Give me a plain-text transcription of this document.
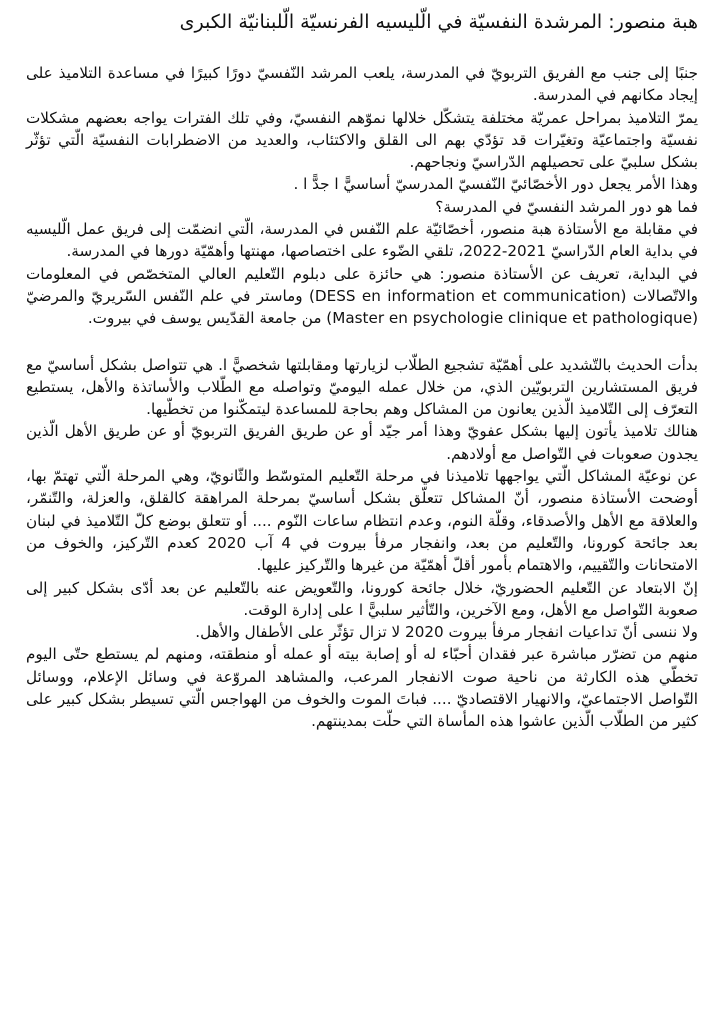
هبة منصور: المرشدة النفسيّة في الّليسيه الفرنسيّة الّلبنانيّة الكبرى

جنبًا إلى جنب مع الفريق التربويّ في المدرسة، يلعب المرشد النّفسيّ دورًا كبيرًا في مساعدة التلاميذ على إيجاد مكانهم في المدرسة.

يمرّ التلاميذ بمراحل عمريّة مختلفة يتشكّل خلالها نموّهم النفسيّ، وفي تلك الفترات يواجه بعضهم مشكلات نفسيّة واجتماعيّة وتغيّرات قد تؤدّي بهم الى القلق والاكتئاب، والعديد من الاضطرابات النفسيّة الّتي تؤثّر بشكل سلبيّ على تحصيلهم الدّراسيّ ونجاحهم.

وهذا الأمر يجعل دور الأخصّائيّ النّفسيّ المدرسيّ أساسيًّ ا جدًّ ا .

فما هو دور المرشد النفسيّ في المدرسة؟

في مقابلة مع الأستاذة هبة منصور، أخصّائيّة علم النّفس في المدرسة، الّتي انضمّت إلى فريق عمل الّليسيه في بداية العام الدّراسيّ 2021-2022، تلقي الضّوء على اختصاصها، مهنتها وأهمّيّة دورها في المدرسة.

في البداية، تعريف عن الأستاذة منصور: هي حائزة على دبلوم التّعليم العالي المتخصّص في المعلومات والاتّصالات (DESS en information et communication) وماستر في علم النّفس السّريريّ والمرضيّ (Master en psychologie clinique et pathologique) من جامعة القدّيس يوسف في بيروت.

بدأت الحديث بالتّشديد على أهمّيّة تشجيع الطلّاب لزيارتها ومقابلتها شخصيًّ ا. هي تتواصل بشكل أساسيّ مع فريق المستشارين التربويّين الذي، من خلال عمله اليوميّ وتواصله مع الطّلاب والأساتذة والأهل، يستطيع التعرّف إلى التّلاميذ الّذين يعانون من المشاكل وهم بحاجة للمساعدة ليتمكّنوا من تخطّيها.

هنالك تلاميذ يأتون إليها بشكل عفويّ وهذا أمر جيّد أو عن طريق الفريق التربويّ أو عن طريق الأهل الّذين يجدون صعوبات في التّواصل مع أولادهم.

عن نوعيّة المشاكل الّتي يواجهها تلاميذنا في مرحلة التّعليم المتوسّط والثّانويّ، وهي المرحلة الّتي تهتمّ بها، أوضحت الأستاذة منصور، أنّ المشاكل تتعلّق بشكل أساسيّ بمرحلة المراهقة كالقلق، والعزلة، والتّنمّر، والعلاقة مع الأهل والأصدقاء، وقلّة النوم، وعدم انتظام ساعات النّوم .... أو تتعلق بوضع كلّ التّلاميذ في لبنان بعد جائحة كورونا، والتّعليم من بعد، وانفجار مرفأ بيروت في 4 آب 2020 كعدم التّركيز، والخوف من الامتحانات والتّقييم، والاهتمام بأمور أقلّ أهمّيّة من غيرها والتّركيز عليها.

إنّ الابتعاد عن التّعليم الحضوريّ، خلال جائحة كورونا، والتّعويض عنه بالتّعليم عن بعد أدّى بشكل كبير إلى صعوبة التّواصل مع الأهل، ومع الآخرين، والتّأثير سلبيًّ ا على إدارة الوقت.

ولا ننسى أنّ تداعيات انفجار مرفأ بيروت 2020 لا تزال تؤثّر على الأطفال والأهل.

منهم من تضرّر مباشرة عبر فقدان أحبّاء له أو إصابة بيته أو عمله أو منطقته، ومنهم لم يستطع حتّى اليوم تخطّي هذه الكارثة من ناحية صوت الانفجار المرعب، والمشاهد المروّعة في وسائل الإعلام، ووسائل التّواصل الاجتماعيّ، والانهيار الاقتصاديّ .... فباتَ الموت والخوف من الهواجس الّتي تسيطر بشكل كبير على كثير من الطلّاب الّذين عاشوا هذه المأساة التي حلّت بمدينتهم.
